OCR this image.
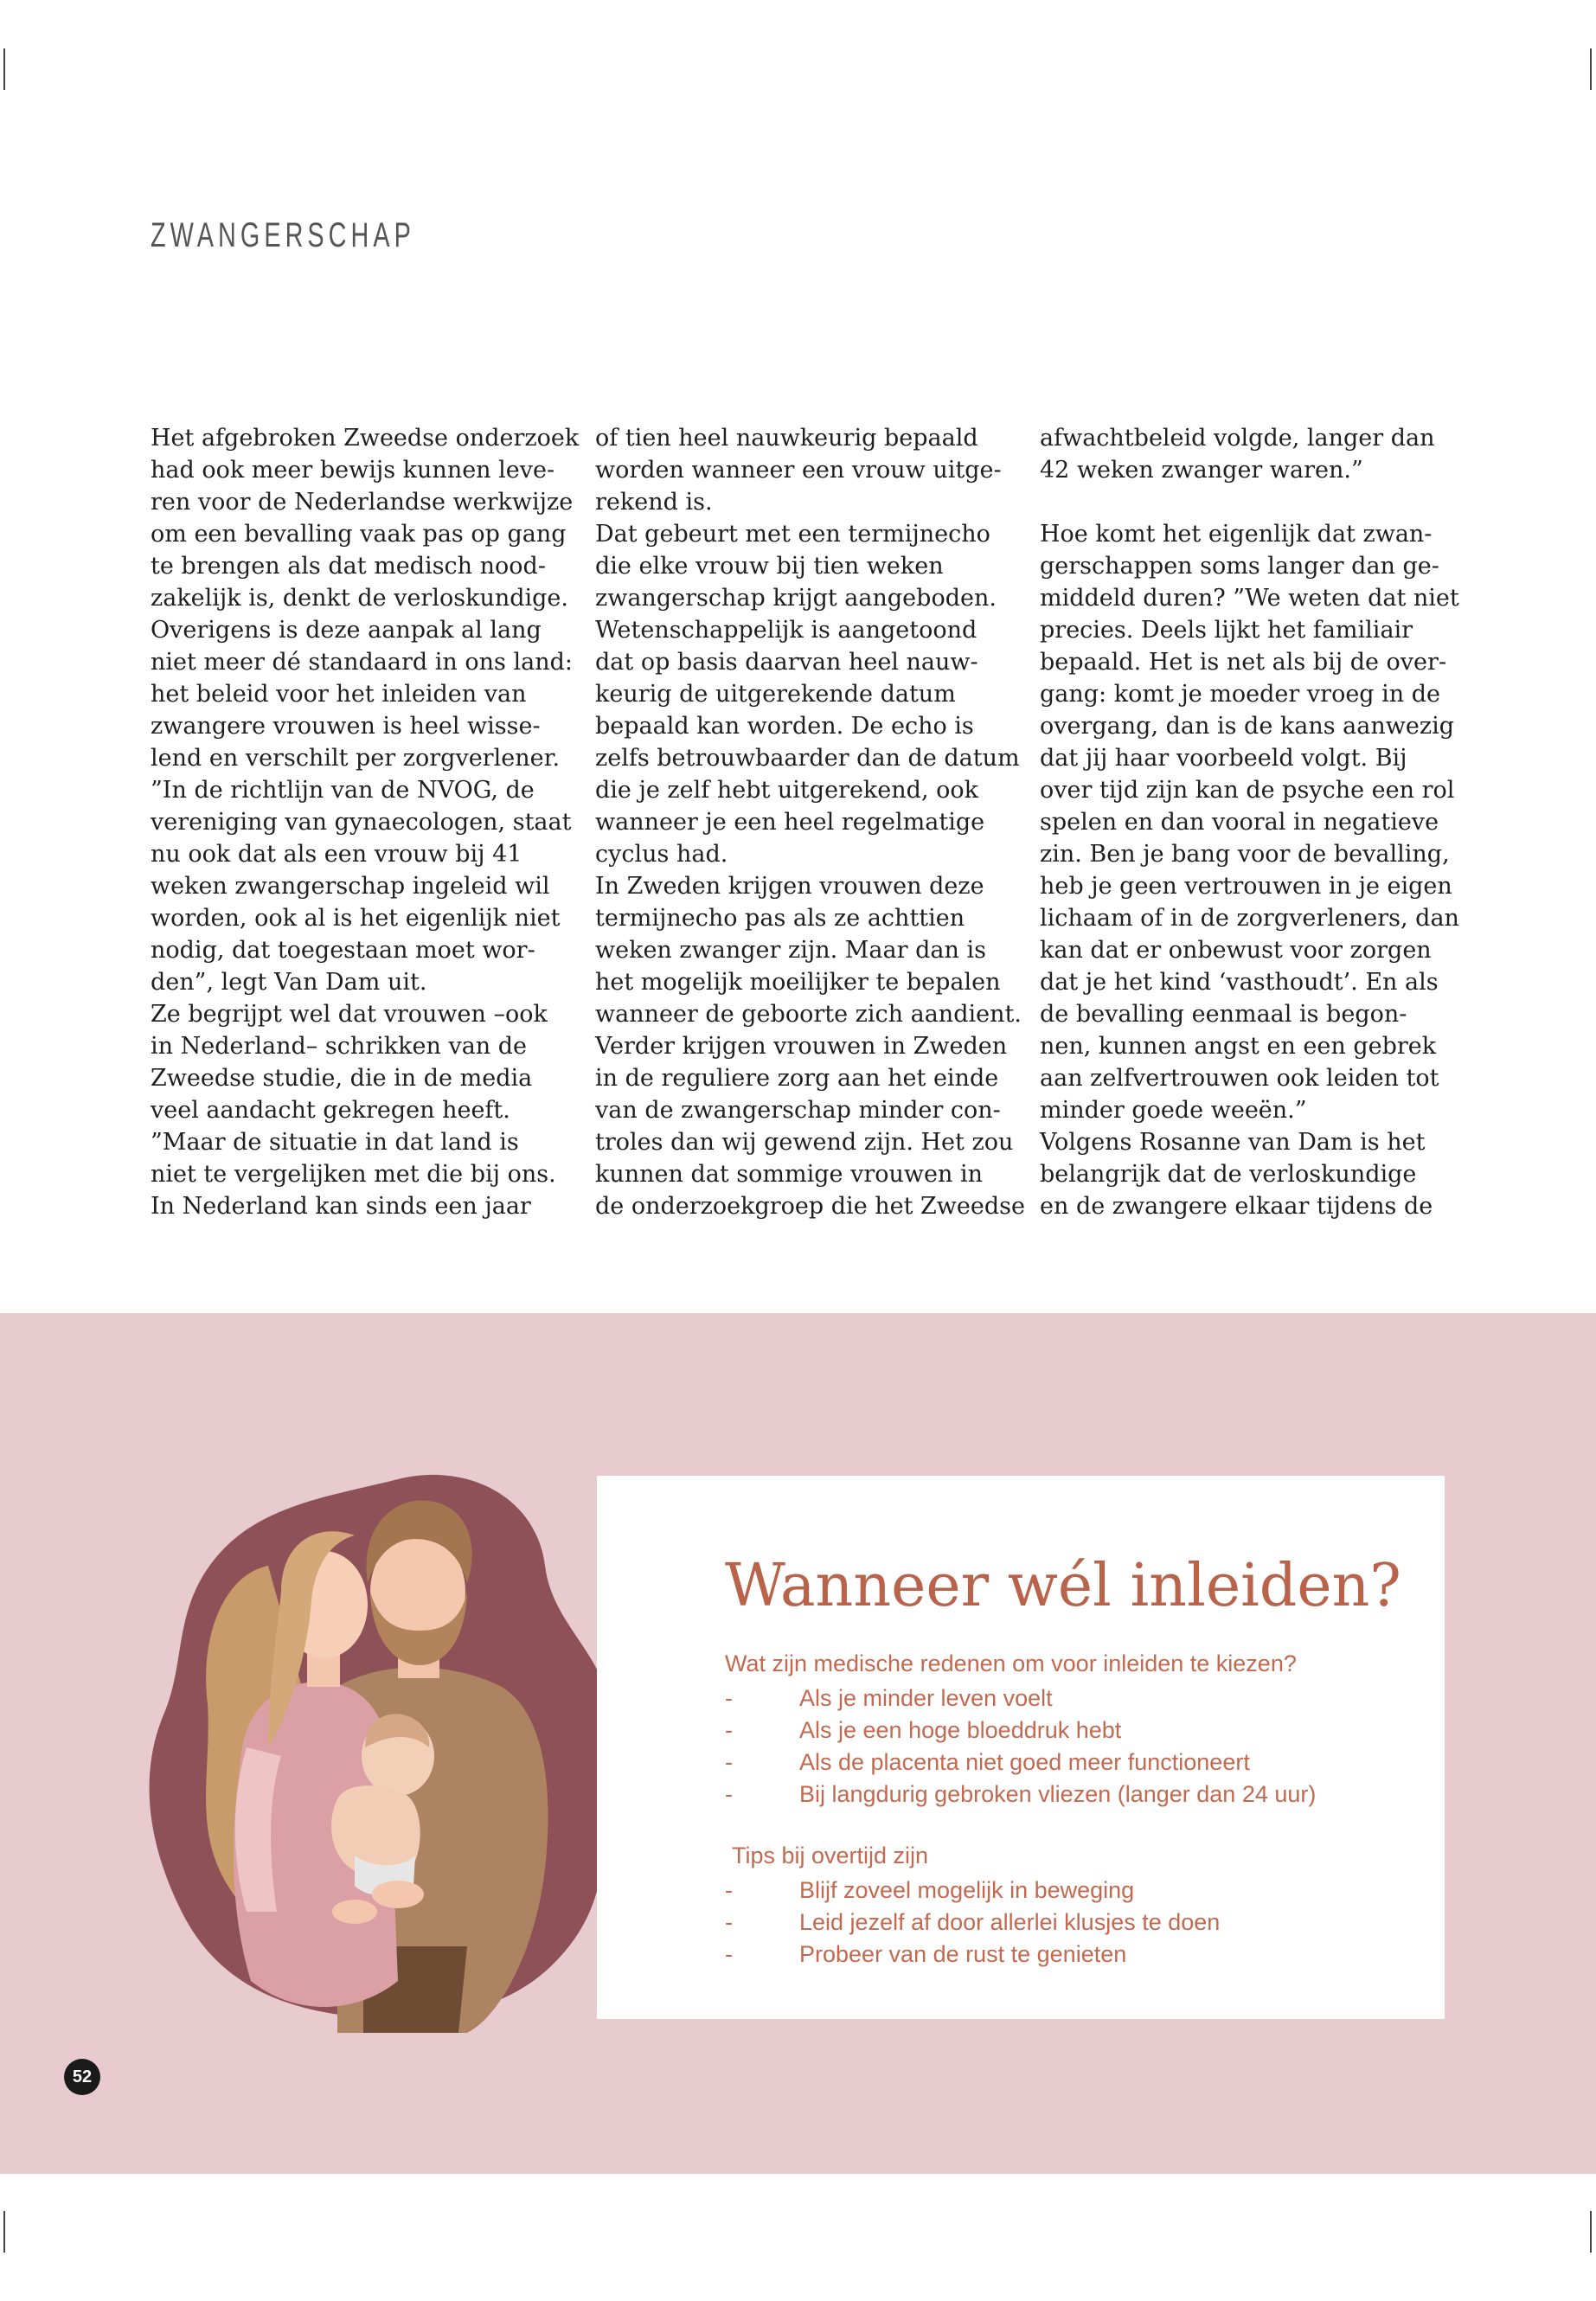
ZWANGERSCHAP
Het afgebroken Zweedse onderzoek
had ook meer bewijs kunnen leve-
ren voor de Nederlandse werkwijze
om een bevalling vaak pas op gang
te brengen als dat medisch nood-
zakelijk is, denkt de verloskundige.
Overigens is deze aanpak al lang
niet meer dé standaard in ons land:
het beleid voor het inleiden van
zwangere vrouwen is heel wisse-
lend en verschilt per zorgverlener.
”In de richtlijn van de NVOG, de
vereniging van gynaecologen, staat
nu ook dat als een vrouw bij 41
weken zwangerschap ingeleid wil
worden, ook al is het eigenlijk niet
nodig, dat toegestaan moet wor-
den”, legt Van Dam uit.
Ze begrijpt wel dat vrouwen –ook
in Nederland– schrikken van de
Zweedse studie, die in de media
veel aandacht gekregen heeft.
”Maar de situatie in dat land is
niet te vergelijken met die bij ons.
In Nederland kan sinds een jaar
of tien heel nauwkeurig bepaald
worden wanneer een vrouw uitge-
rekend is.
Dat gebeurt met een termijnecho
die elke vrouw bij tien weken
zwangerschap krijgt aangeboden.
Wetenschappelijk is aangetoond
dat op basis daarvan heel nauw-
keurig de uitgerekende datum
bepaald kan worden. De echo is
zelfs betrouwbaarder dan de datum
die je zelf hebt uitgerekend, ook
wanneer je een heel regelmatige
cyclus had.
In Zweden krijgen vrouwen deze
termijnecho pas als ze achttien
weken zwanger zijn. Maar dan is
het mogelijk moeilijker te bepalen
wanneer de geboorte zich aandient.
Verder krijgen vrouwen in Zweden
in de reguliere zorg aan het einde
van de zwangerschap minder con-
troles dan wij gewend zijn. Het zou
kunnen dat sommige vrouwen in
de onderzoekgroep die het Zweedse
afwachtbeleid volgde, langer dan
42 weken zwanger waren.”
Hoe komt het eigenlijk dat zwan-
gerschappen soms langer dan ge-
middeld duren? ”We weten dat niet
precies. Deels lijkt het familiair
bepaald. Het is net als bij de over-
gang: komt je moeder vroeg in de
overgang, dan is de kans aanwezig
dat jij haar voorbeeld volgt. Bij
over tijd zijn kan de psyche een rol
spelen en dan vooral in negatieve
zin. Ben je bang voor de bevalling,
heb je geen vertrouwen in je eigen
lichaam of in de zorgverleners, dan
kan dat er onbewust voor zorgen
dat je het kind ‘vasthoudt’. En als
de bevalling eenmaal is begon-
nen, kunnen angst en een gebrek
aan zelfvertrouwen ook leiden tot
minder goede weeën.”
Volgens Rosanne van Dam is het
belangrijk dat de verloskundige
en de zwangere elkaar tijdens de
Wanneer wél inleiden?
Wat zijn medische redenen om voor inleiden te kiezen?
-	Als je minder leven voelt
-	Als je een hoge bloeddruk hebt
-	Als de placenta niet goed meer functioneert
-	Bij langdurig gebroken vliezen (langer dan 24 uur)
Tips bij overtijd zijn
-	Blijf zoveel mogelijk in beweging
-	Leid jezelf af door allerlei klusjes te doen
-	Probeer van de rust te genieten
52
